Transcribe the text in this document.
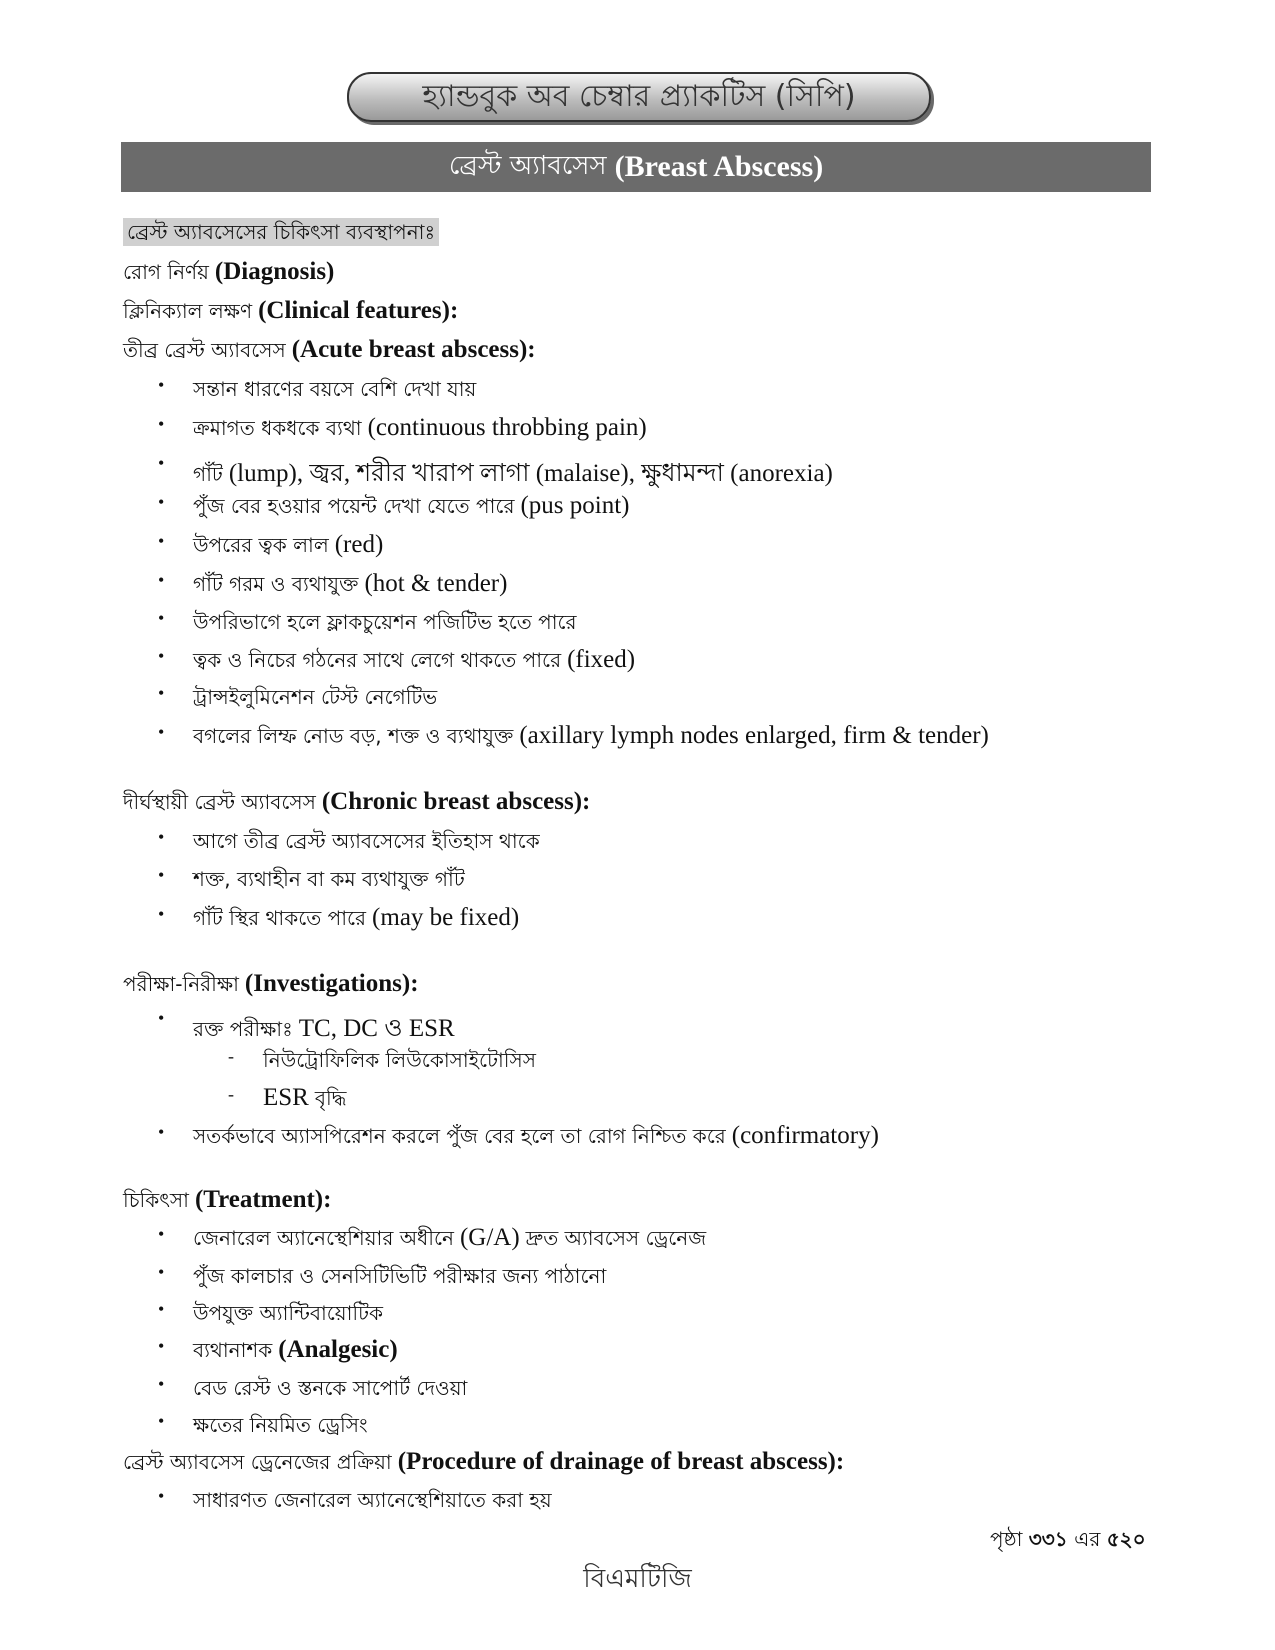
হ্যান্ডবুক অব চেম্বার প্র্যাকটিস (সিপি)
ব্রেস্ট অ্যাবসেস (Breast Abscess)
ব্রেস্ট অ্যাবসেসের চিকিৎসা ব্যবস্থাপনাঃ
রোগ নির্ণয় (Diagnosis)
ক্লিনিক্যাল লক্ষণ (Clinical features):
তীব্র ব্রেস্ট অ্যাবসেস (Acute breast abscess):
• সন্তান ধারণের বয়সে বেশি দেখা যায়
• ক্রমাগত ধকধকে ব্যথা (continuous throbbing pain)
• গাঁট (lump), জ্বর, শরীর খারাপ লাগা (malaise), ক্ষুধামন্দা (anorexia)
• পুঁজ বের হওয়ার পয়েন্ট দেখা যেতে পারে (pus point)
• উপরের ত্বক লাল (red)
• গাঁট গরম ও ব্যথাযুক্ত (hot & tender)
• উপরিভাগে হলে ফ্লাকচুয়েশন পজিটিভ হতে পারে
• ত্বক ও নিচের গঠনের সাথে লেগে থাকতে পারে (fixed)
• ট্রান্সইলুমিনেশন টেস্ট নেগেটিভ
• বগলের লিম্ফ নোড বড়, শক্ত ও ব্যথাযুক্ত (axillary lymph nodes enlarged, firm & tender)
দীর্ঘস্থায়ী ব্রেস্ট অ্যাবসেস (Chronic breast abscess):
• আগে তীব্র ব্রেস্ট অ্যাবসেসের ইতিহাস থাকে
• শক্ত, ব্যথাহীন বা কম ব্যথাযুক্ত গাঁট
• গাঁট স্থির থাকতে পারে (may be fixed)
পরীক্ষা-নিরীক্ষা (Investigations):
• রক্ত পরীক্ষাঃ TC, DC ও ESR
- নিউট্রোফিলিক লিউকোসাইটোসিস
- ESR বৃদ্ধি
• সতর্কভাবে অ্যাসপিরেশন করলে পুঁজ বের হলে তা রোগ নিশ্চিত করে (confirmatory)
চিকিৎসা (Treatment):
• জেনারেল অ্যানেস্থেশিয়ার অধীনে (G/A) দ্রুত অ্যাবসেস ড্রেনেজ
• পুঁজ কালচার ও সেনসিটিভিটি পরীক্ষার জন্য পাঠানো
• উপযুক্ত অ্যান্টিবায়োটিক
• ব্যথানাশক (Analgesic)
• বেড রেস্ট ও স্তনকে সাপোর্ট দেওয়া
• ক্ষতের নিয়মিত ড্রেসিং
ব্রেস্ট অ্যাবসেস ড্রেনেজের প্রক্রিয়া (Procedure of drainage of breast abscess):
• সাধারণত জেনারেল অ্যানেস্থেশিয়াতে করা হয়
পৃষ্ঠা ৩৩১ এর ৫২০
বিএমটিজি
